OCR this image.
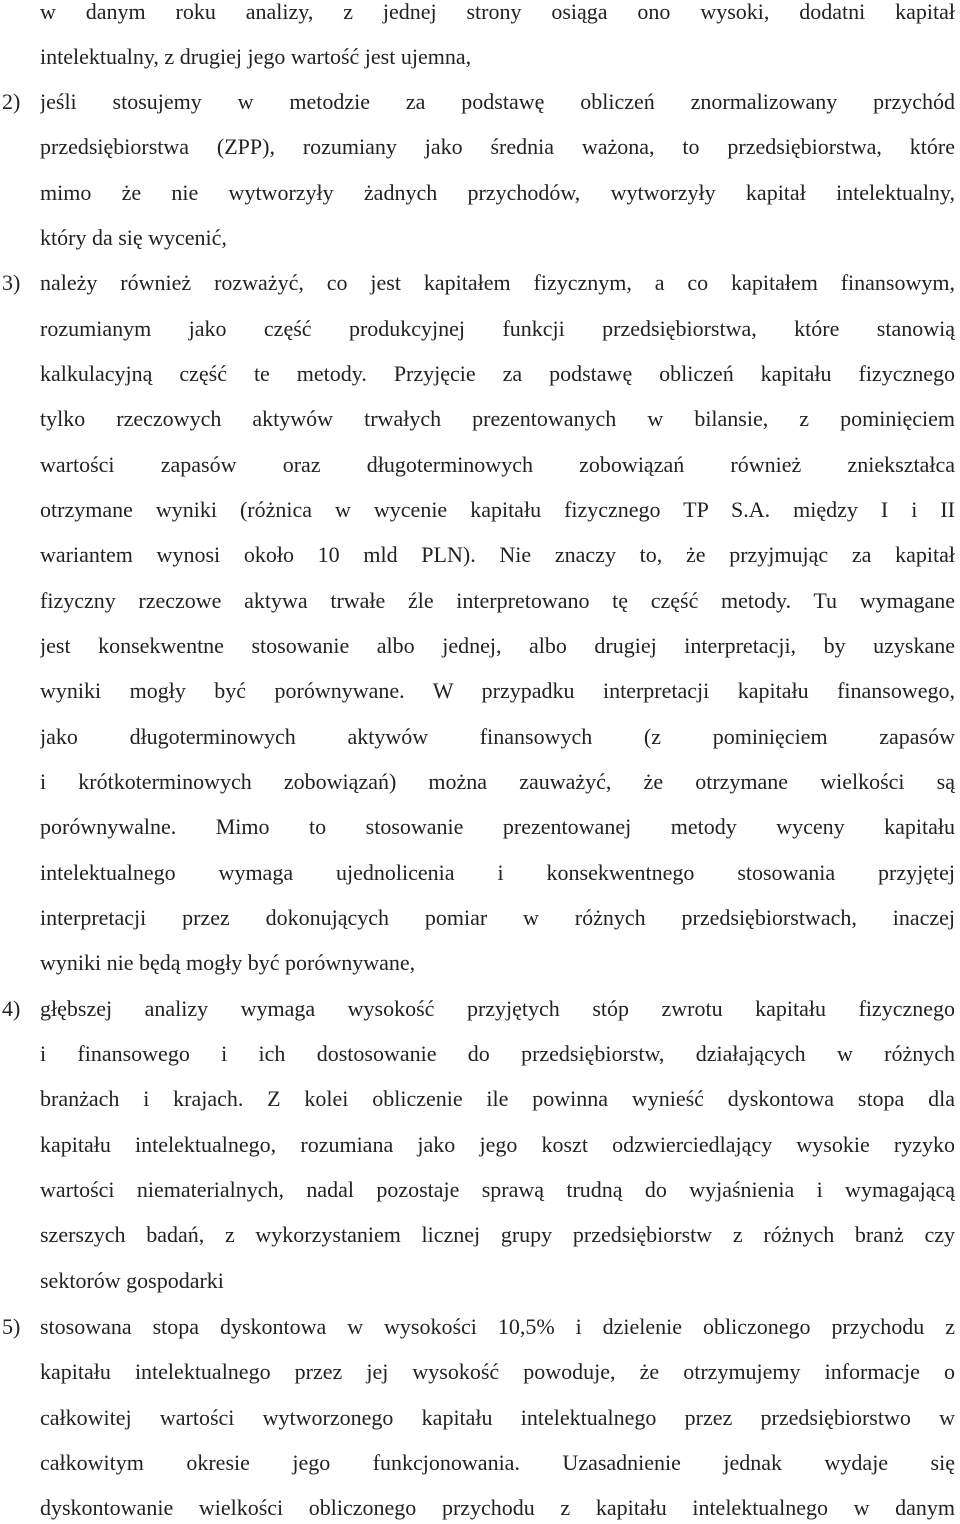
w danym roku analizy, z jednej strony osiąga ono wysoki, dodatni kapitał
intelektualny, z drugiej jego wartość jest ujemna,
2) jeśli stosujemy w metodzie za podstawę obliczeń znormalizowany przychód
przedsiębiorstwa (ZPP), rozumiany jako średnia ważona, to przedsiębiorstwa, które
mimo że nie wytworzyły żadnych przychodów, wytworzyły kapitał intelektualny,
który da się wycenić,
3) należy również rozważyć, co jest kapitałem fizycznym, a co kapitałem finansowym,
rozumianym jako część produkcyjnej funkcji przedsiębiorstwa, które stanowią
kalkulacyjną część te metody. Przyjęcie za podstawę obliczeń kapitału fizycznego
tylko rzeczowych aktywów trwałych prezentowanych w bilansie, z pominięciem
wartości zapasów oraz długoterminowych zobowiązań również zniekształca
otrzymane wyniki (różnica w wycenie kapitału fizycznego TP S.A. między I i II
wariantem wynosi około 10 mld PLN). Nie znaczy to, że przyjmując za kapitał
fizyczny rzeczowe aktywa trwałe źle interpretowano tę część metody. Tu wymagane
jest konsekwentne stosowanie albo jednej, albo drugiej interpretacji, by uzyskane
wyniki mogły być porównywane. W przypadku interpretacji kapitału finansowego,
jako długoterminowych aktywów finansowych (z pominięciem zapasów
i krótkoterminowych zobowiązań) można zauważyć, że otrzymane wielkości są
porównywalne. Mimo to stosowanie prezentowanej metody wyceny kapitału
intelektualnego wymaga ujednolicenia i konsekwentnego stosowania przyjętej
interpretacji przez dokonujących pomiar w różnych przedsiębiorstwach, inaczej
wyniki nie będą mogły być porównywane,
4) głębszej analizy wymaga wysokość przyjętych stóp zwrotu kapitału fizycznego
i finansowego i ich dostosowanie do przedsiębiorstw, działających w różnych
branżach i krajach. Z kolei obliczenie ile powinna wynieść dyskontowa stopa dla
kapitału intelektualnego, rozumiana jako jego koszt odzwierciedlający wysokie ryzyko
wartości niematerialnych, nadal pozostaje sprawą trudną do wyjaśnienia i wymagającą
szerszych badań, z wykorzystaniem licznej grupy przedsiębiorstw z różnych branż czy
sektorów gospodarki
5) stosowana stopa dyskontowa w wysokości 10,5% i dzielenie obliczonego przychodu z
kapitału intelektualnego przez jej wysokość powoduje, że otrzymujemy informacje o
całkowitej wartości wytworzonego kapitału intelektualnego przez przedsiębiorstwo w
całkowitym okresie jego funkcjonowania. Uzasadnienie jednak wydaje się
dyskontowanie wielkości obliczonego przychodu z kapitału intelektualnego w danym
